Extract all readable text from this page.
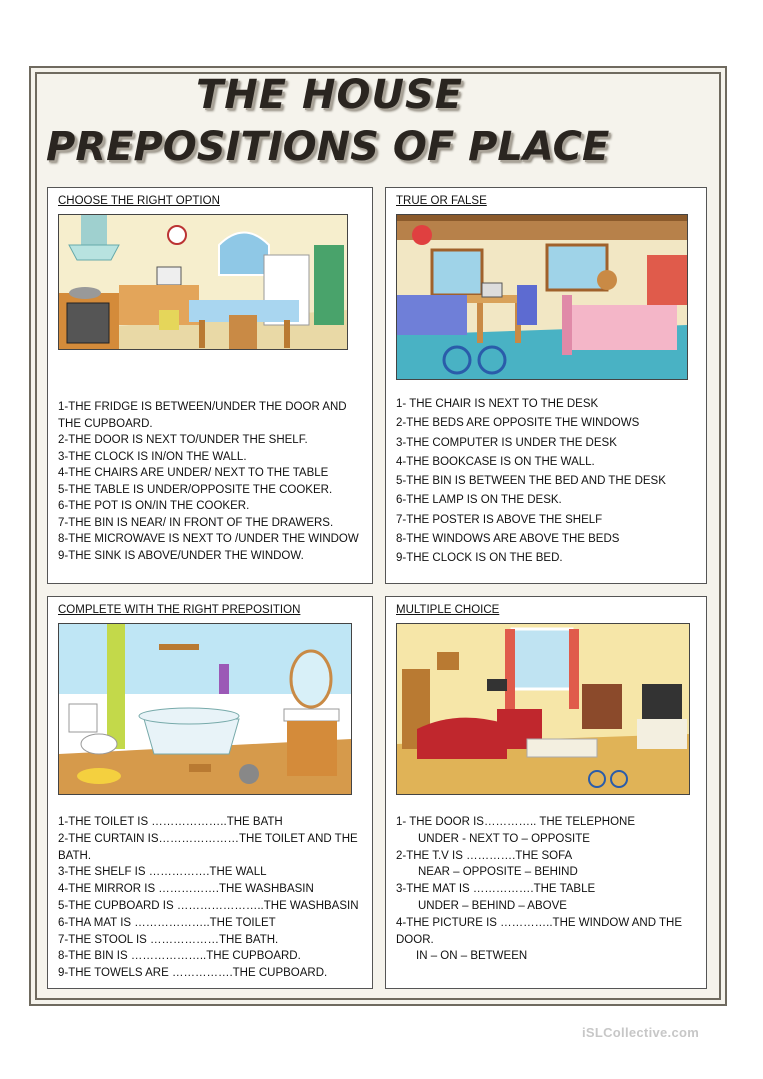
THE HOUSE
PREPOSITIONS OF PLACE
CHOOSE THE RIGHT OPTION
1-THE FRIDGE IS BETWEEN/UNDER THE DOOR AND
THE CUPBOARD.
2-THE DOOR IS NEXT TO/UNDER THE SHELF.
3-THE CLOCK IS IN/ON THE WALL.
4-THE CHAIRS ARE UNDER/ NEXT TO THE TABLE
5-THE TABLE IS UNDER/OPPOSITE THE COOKER.
6-THE POT IS ON/IN THE COOKER.
7-THE BIN IS NEAR/ IN FRONT OF THE DRAWERS.
8-THE MICROWAVE IS NEXT TO /UNDER THE WINDOW
9-THE SINK IS ABOVE/UNDER THE WINDOW.
TRUE OR FALSE
1- THE CHAIR IS NEXT TO THE DESK
2-THE BEDS ARE OPPOSITE THE WINDOWS
3-THE COMPUTER IS UNDER THE DESK
4-THE BOOKCASE IS ON THE WALL.
5-THE BIN IS BETWEEN THE BED AND THE DESK
6-THE LAMP IS ON THE DESK.
7-THE POSTER IS ABOVE THE SHELF
8-THE WINDOWS ARE ABOVE THE BEDS
9-THE CLOCK IS ON THE BED.
COMPLETE WITH THE RIGHT PREPOSITION
1-THE TOILET IS ………………..THE BATH
2-THE CURTAIN IS…………………THE TOILET AND THE
BATH.
3-THE SHELF IS …………….THE WALL
4-THE MIRROR IS …………….THE WASHBASIN
5-THE CUPBOARD IS …………………..THE WASHBASIN
6-THA MAT IS ………………..THE TOILET
7-THE STOOL IS ………………THE BATH.
8-THE BIN IS ………………..THE CUPBOARD.
9-THE TOWELS ARE …………….THE CUPBOARD.
MULTIPLE CHOICE
1- THE DOOR IS………….. THE TELEPHONE
UNDER - NEXT TO – OPPOSITE
2-THE T.V IS ………….THE SOFA
NEAR – OPPOSITE – BEHIND
3-THE MAT IS …………….THE TABLE
UNDER – BEHIND – ABOVE
4-THE PICTURE IS …………..THE WINDOW AND THE
DOOR.
IN – ON – BETWEEN
iSLCollective.com
